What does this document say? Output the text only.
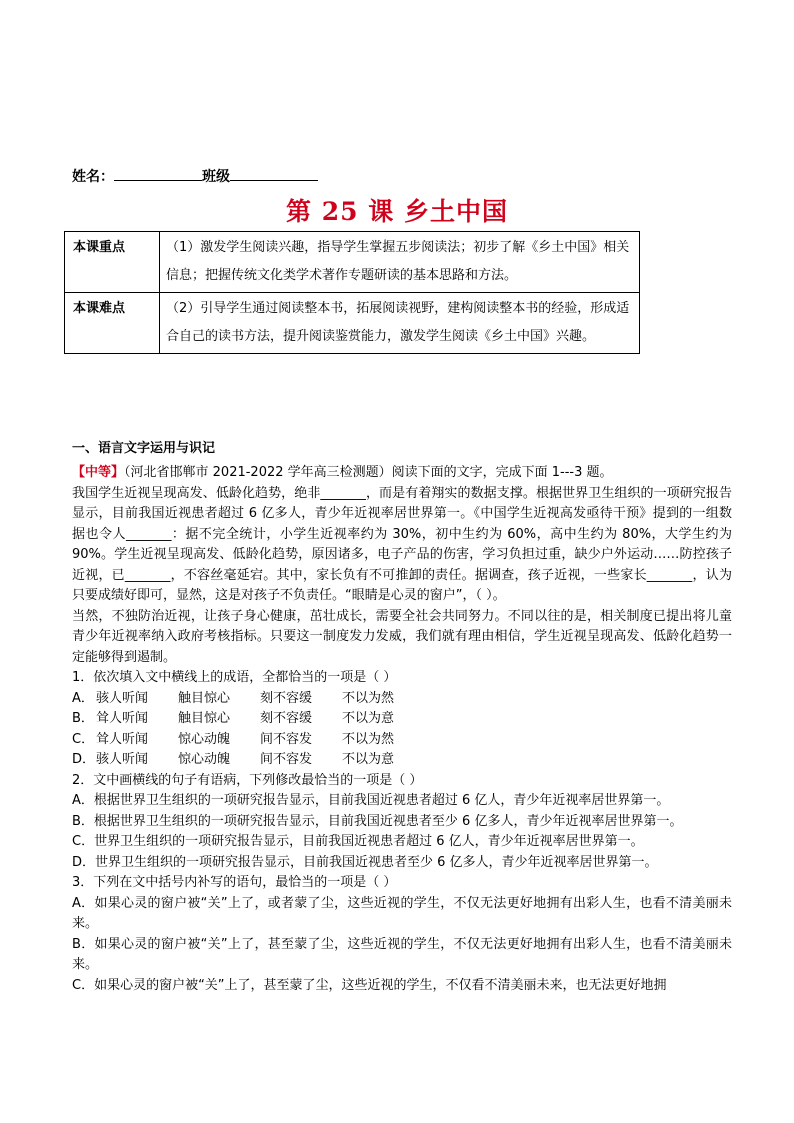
姓名：	班级
第 25 课 乡土中国
本课重点	（1）激发学生阅读兴趣，指导学生掌握五步阅读法；初步了解《乡土中国》相关信息；把握传统文化类学术著作专题研读的基本思路和方法。
本课难点	（2）引导学生通过阅读整本书，拓展阅读视野，建构阅读整本书的经验，形成适合自己的读书方法，提升阅读鉴赏能力，激发学生阅读《乡土中国》兴趣。
一、语言文字运用与识记

【中等】（河北省邯郸市 2021-2022 学年高三检测题）阅读下面的文字，完成下面 1---3 题。

我国学生近视呈现高发、低龄化趋势，绝非_______，而是有着翔实的数据支撑。根据世界卫生组织的一项研究报告显示，目前我国近视患者超过 6 亿多人，青少年近视率居世界第一。《中国学生近视高发亟待干预》提到的一组数据也令人_______：据不完全统计，小学生近视率约为 30%，初中生约为 60%，高中生约为 80%，大学生约为 90%。学生近视呈现高发、低龄化趋势，原因诸多，电子产品的伤害，学习负担过重，缺少户外运动……防控孩子近视，已_______，不容丝毫延宕。其中，家长负有不可推卸的责任。据调查，孩子近视，一些家长_______，认为只要成绩好即可，显然，这是对孩子不负责任。“眼睛是心灵的窗户”，（ ）。

当然，不独防治近视，让孩子身心健康，茁壮成长，需要全社会共同努力。不同以往的是，相关制度已提出将儿童青少年近视率纳入政府考核指标。只要这一制度发力发威，我们就有理由相信，学生近视呈现高发、低龄化趋势一定能够得到遏制。

1．依次填入文中横线上的成语，全都恰当的一项是（ ）

A． 骇人听闻 触目惊心 刻不容缓 不以为然

B． 耸人听闻 触目惊心 刻不容缓 不以为意

C． 耸人听闻 惊心动魄 间不容发 不以为然

D．骇人听闻 惊心动魄 间不容发 不以为意

2．文中画横线的句子有语病，下列修改最恰当的一项是（ ）

A．根据世界卫生组织的一项研究报告显示，目前我国近视患者超过 6 亿人，青少年近视率居世界第一。

B．根据世界卫生组织的一项研究报告显示，目前我国近视患者至少 6 亿多人，青少年近视率居世界第一。

C．世界卫生组织的一项研究报告显示，目前我国近视患者超过 6 亿人，青少年近视率居世界第一。

D．世界卫生组织的一项研究报告显示，目前我国近视患者至少 6 亿多人，青少年近视率居世界第一。

3．下列在文中括号内补写的语句，最恰当的一项是（ ）

A．如果心灵的窗户被“关”上了，或者蒙了尘，这些近视的学生，不仅无法更好地拥有出彩人生，也看不清美丽未来。

B．如果心灵的窗户被“关”上了，甚至蒙了尘，这些近视的学生，不仅无法更好地拥有出彩人生，也看不清美丽未来。

C．如果心灵的窗户被“关”上了，甚至蒙了尘，这些近视的学生，不仅看不清美丽未来，也无法更好地拥
